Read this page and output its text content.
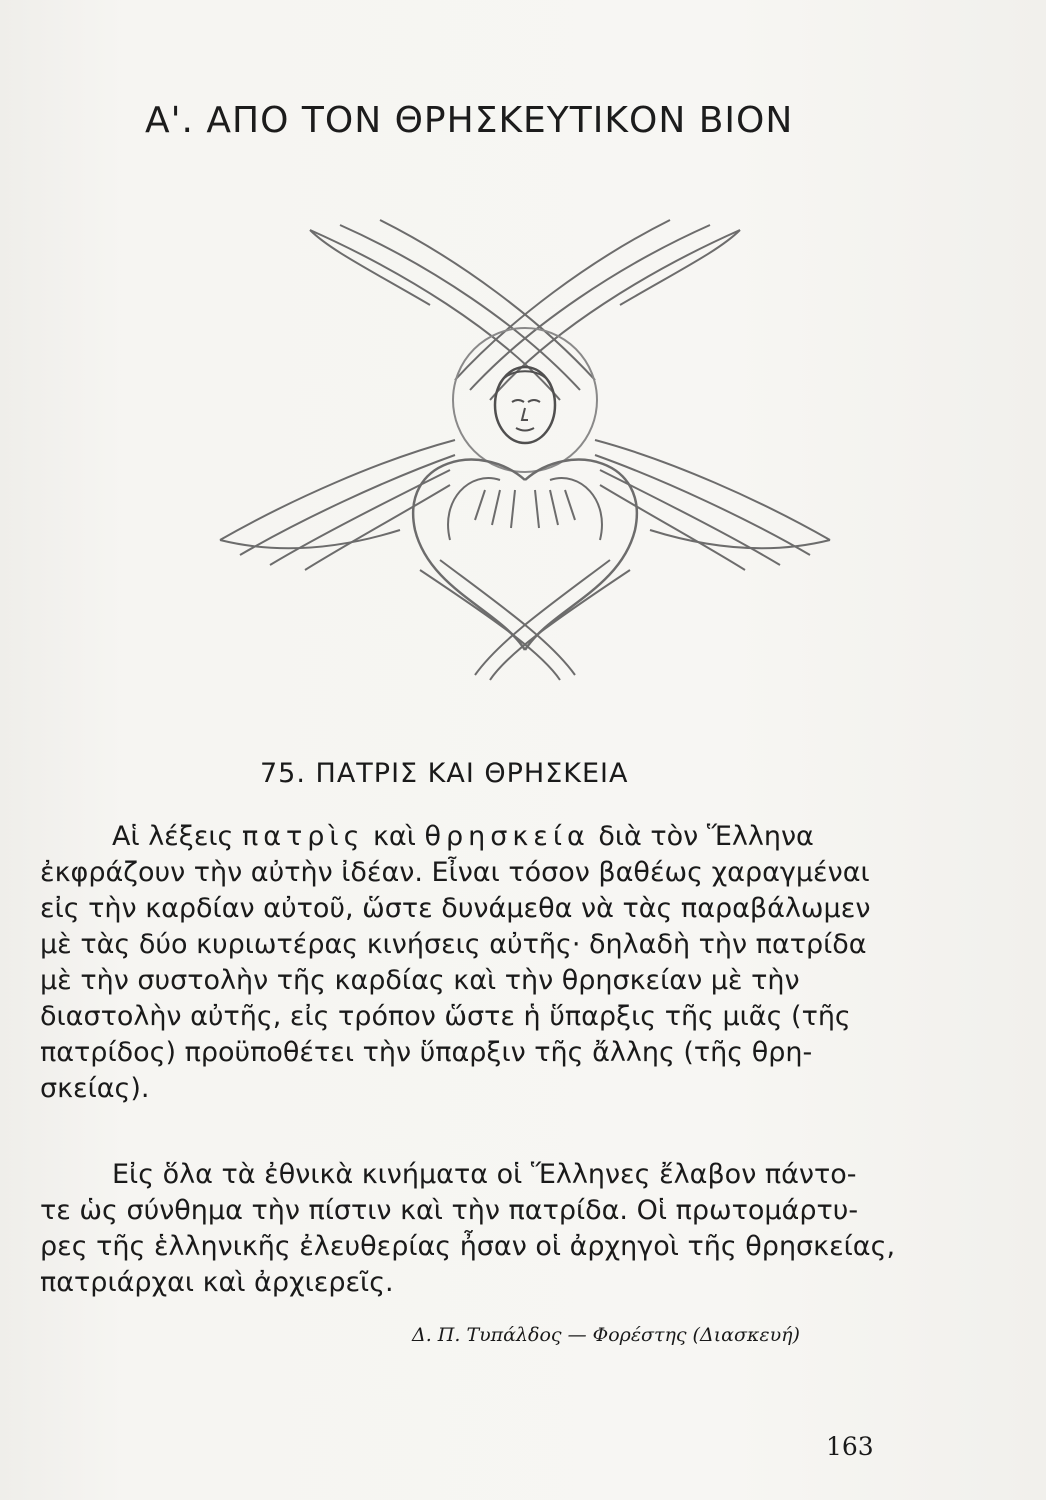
Α'. ΑΠΟ ΤΟΝ ΘΡΗΣΚΕΥΤΙΚΟΝ ΒΙΟΝ
75. ΠΑΤΡΙΣ ΚΑΙ ΘΡΗΣΚΕΙΑ
Αἱ λέξεις πατρὶς καὶ θρησκεία διὰ τὸν Ἕλληνα
ἐκφράζουν τὴν αὐτὴν ἰδέαν. Εἶναι τόσον βαθέως χαραγμέναι
εἰς τὴν καρδίαν αὐτοῦ, ὥστε δυνάμεθα νὰ τὰς παραβάλωμεν
μὲ τὰς δύο κυριωτέρας κινήσεις αὐτῆς· δηλαδὴ τὴν πατρίδα
μὲ τὴν συστολὴν τῆς καρδίας καὶ τὴν θρησκείαν μὲ τὴν
διαστολὴν αὐτῆς, εἰς τρόπον ὥστε ἡ ὕπαρξις τῆς μιᾶς (τῆς
πατρίδος) προϋποθέτει τὴν ὕπαρξιν τῆς ἄλλης (τῆς θρη-
σκείας).
Εἰς ὅλα τὰ ἐθνικὰ κινήματα οἱ Ἕλληνες ἔλαβον πάντο-
τε ὡς σύνθημα τὴν πίστιν καὶ τὴν πατρίδα. Οἱ πρωτομάρτυ-
ρες τῆς ἑλληνικῆς ἐλευθερίας ἦσαν οἱ ἀρχηγοὶ τῆς θρησκείας,
πατριάρχαι καὶ ἀρχιερεῖς.
Δ. Π. Τυπάλδος — Φορέστης (Διασκευή)
163
